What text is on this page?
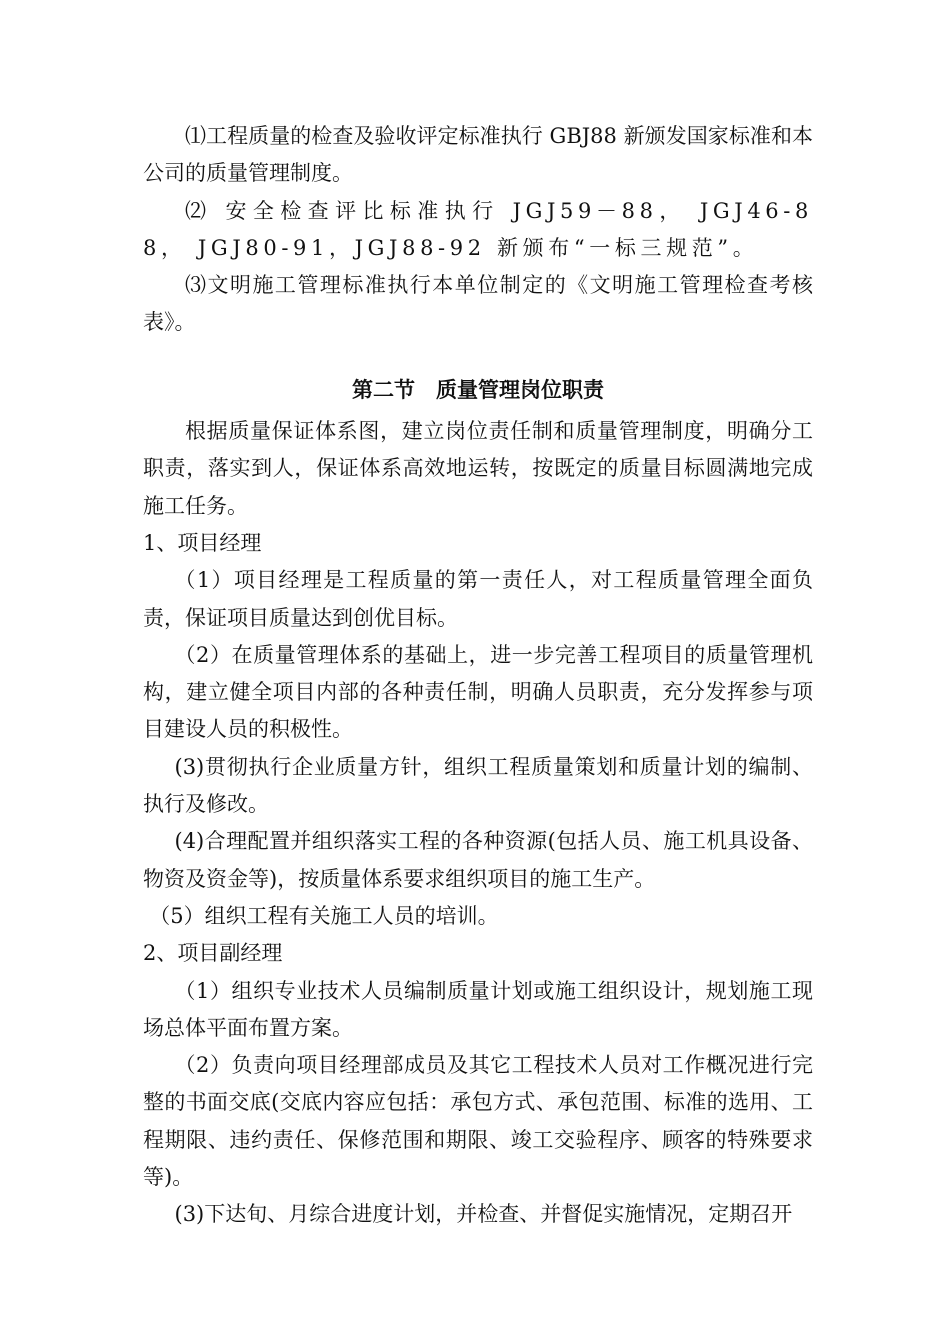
⑴工程质量的检查及验收评定标准执行 GBJ88 新颁发国家标准和本公司的质量管理制度。

⑵ 安全检查评比标准执行 JGJ59－88， JGJ46-88， JGJ80-91，JGJ88-92 新颁布“一标三规范”。

⑶文明施工管理标准执行本单位制定的《文明施工管理检查考核表》。

第二节　质量管理岗位职责

根据质量保证体系图，建立岗位责任制和质量管理制度，明确分工职责，落实到人，保证体系高效地运转，按既定的质量目标圆满地完成施工任务。

1、项目经理

（1）项目经理是工程质量的第一责任人，对工程质量管理全面负责，保证项目质量达到创优目标。

（2）在质量管理体系的基础上，进一步完善工程项目的质量管理机构，建立健全项目内部的各种责任制，明确人员职责，充分发挥参与项目建设人员的积极性。

(3)贯彻执行企业质量方针，组织工程质量策划和质量计划的编制、执行及修改。

(4)合理配置并组织落实工程的各种资源(包括人员、施工机具设备、物资及资金等)，按质量体系要求组织项目的施工生产。

（5）组织工程有关施工人员的培训。

2、项目副经理

（1）组织专业技术人员编制质量计划或施工组织设计，规划施工现场总体平面布置方案。

（2）负责向项目经理部成员及其它工程技术人员对工作概况进行完整的书面交底(交底内容应包括：承包方式、承包范围、标准的选用、工程期限、违约责任、保修范围和期限、竣工交验程序、顾客的特殊要求等)。

(3)下达旬、月综合进度计划，并检查、并督促实施情况，定期召开
